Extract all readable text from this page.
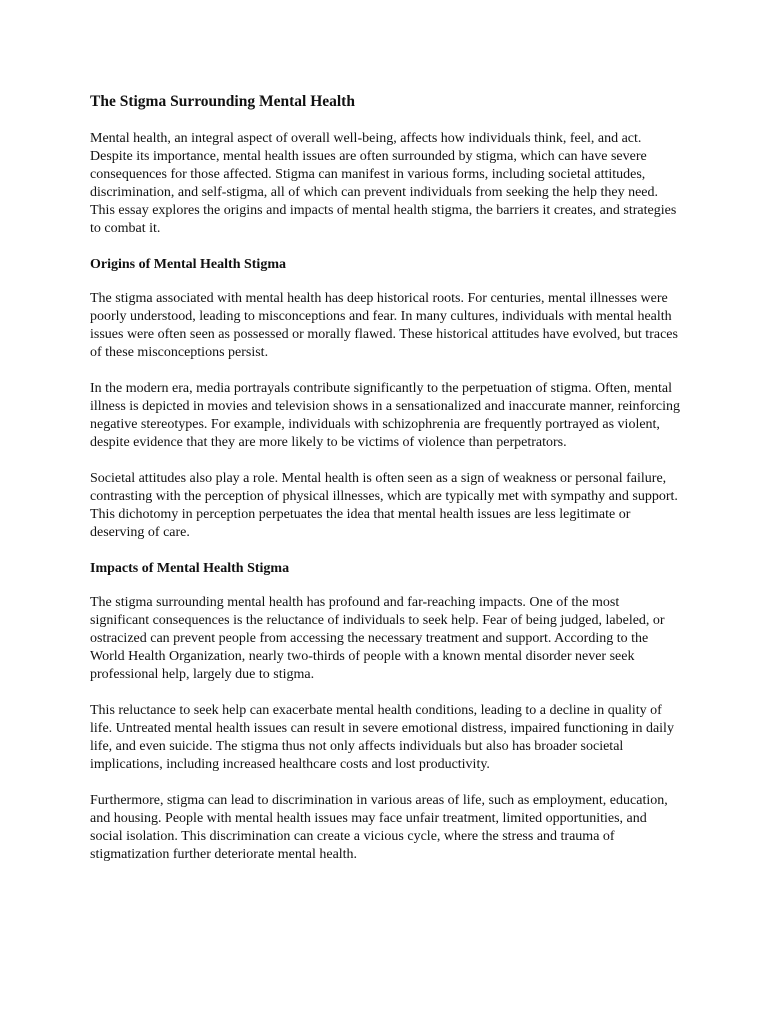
The Stigma Surrounding Mental Health

Mental health, an integral aspect of overall well-being, affects how individuals think, feel, and act. Despite its importance, mental health issues are often surrounded by stigma, which can have severe consequences for those affected. Stigma can manifest in various forms, including societal attitudes, discrimination, and self-stigma, all of which can prevent individuals from seeking the help they need. This essay explores the origins and impacts of mental health stigma, the barriers it creates, and strategies to combat it.

Origins of Mental Health Stigma

The stigma associated with mental health has deep historical roots. For centuries, mental illnesses were poorly understood, leading to misconceptions and fear. In many cultures, individuals with mental health issues were often seen as possessed or morally flawed. These historical attitudes have evolved, but traces of these misconceptions persist.

In the modern era, media portrayals contribute significantly to the perpetuation of stigma. Often, mental illness is depicted in movies and television shows in a sensationalized and inaccurate manner, reinforcing negative stereotypes. For example, individuals with schizophrenia are frequently portrayed as violent, despite evidence that they are more likely to be victims of violence than perpetrators.

Societal attitudes also play a role. Mental health is often seen as a sign of weakness or personal failure, contrasting with the perception of physical illnesses, which are typically met with sympathy and support. This dichotomy in perception perpetuates the idea that mental health issues are less legitimate or deserving of care.

Impacts of Mental Health Stigma

The stigma surrounding mental health has profound and far-reaching impacts. One of the most significant consequences is the reluctance of individuals to seek help. Fear of being judged, labeled, or ostracized can prevent people from accessing the necessary treatment and support. According to the World Health Organization, nearly two-thirds of people with a known mental disorder never seek professional help, largely due to stigma.

This reluctance to seek help can exacerbate mental health conditions, leading to a decline in quality of life. Untreated mental health issues can result in severe emotional distress, impaired functioning in daily life, and even suicide. The stigma thus not only affects individuals but also has broader societal implications, including increased healthcare costs and lost productivity.

Furthermore, stigma can lead to discrimination in various areas of life, such as employment, education, and housing. People with mental health issues may face unfair treatment, limited opportunities, and social isolation. This discrimination can create a vicious cycle, where the stress and trauma of stigmatization further deteriorate mental health.
